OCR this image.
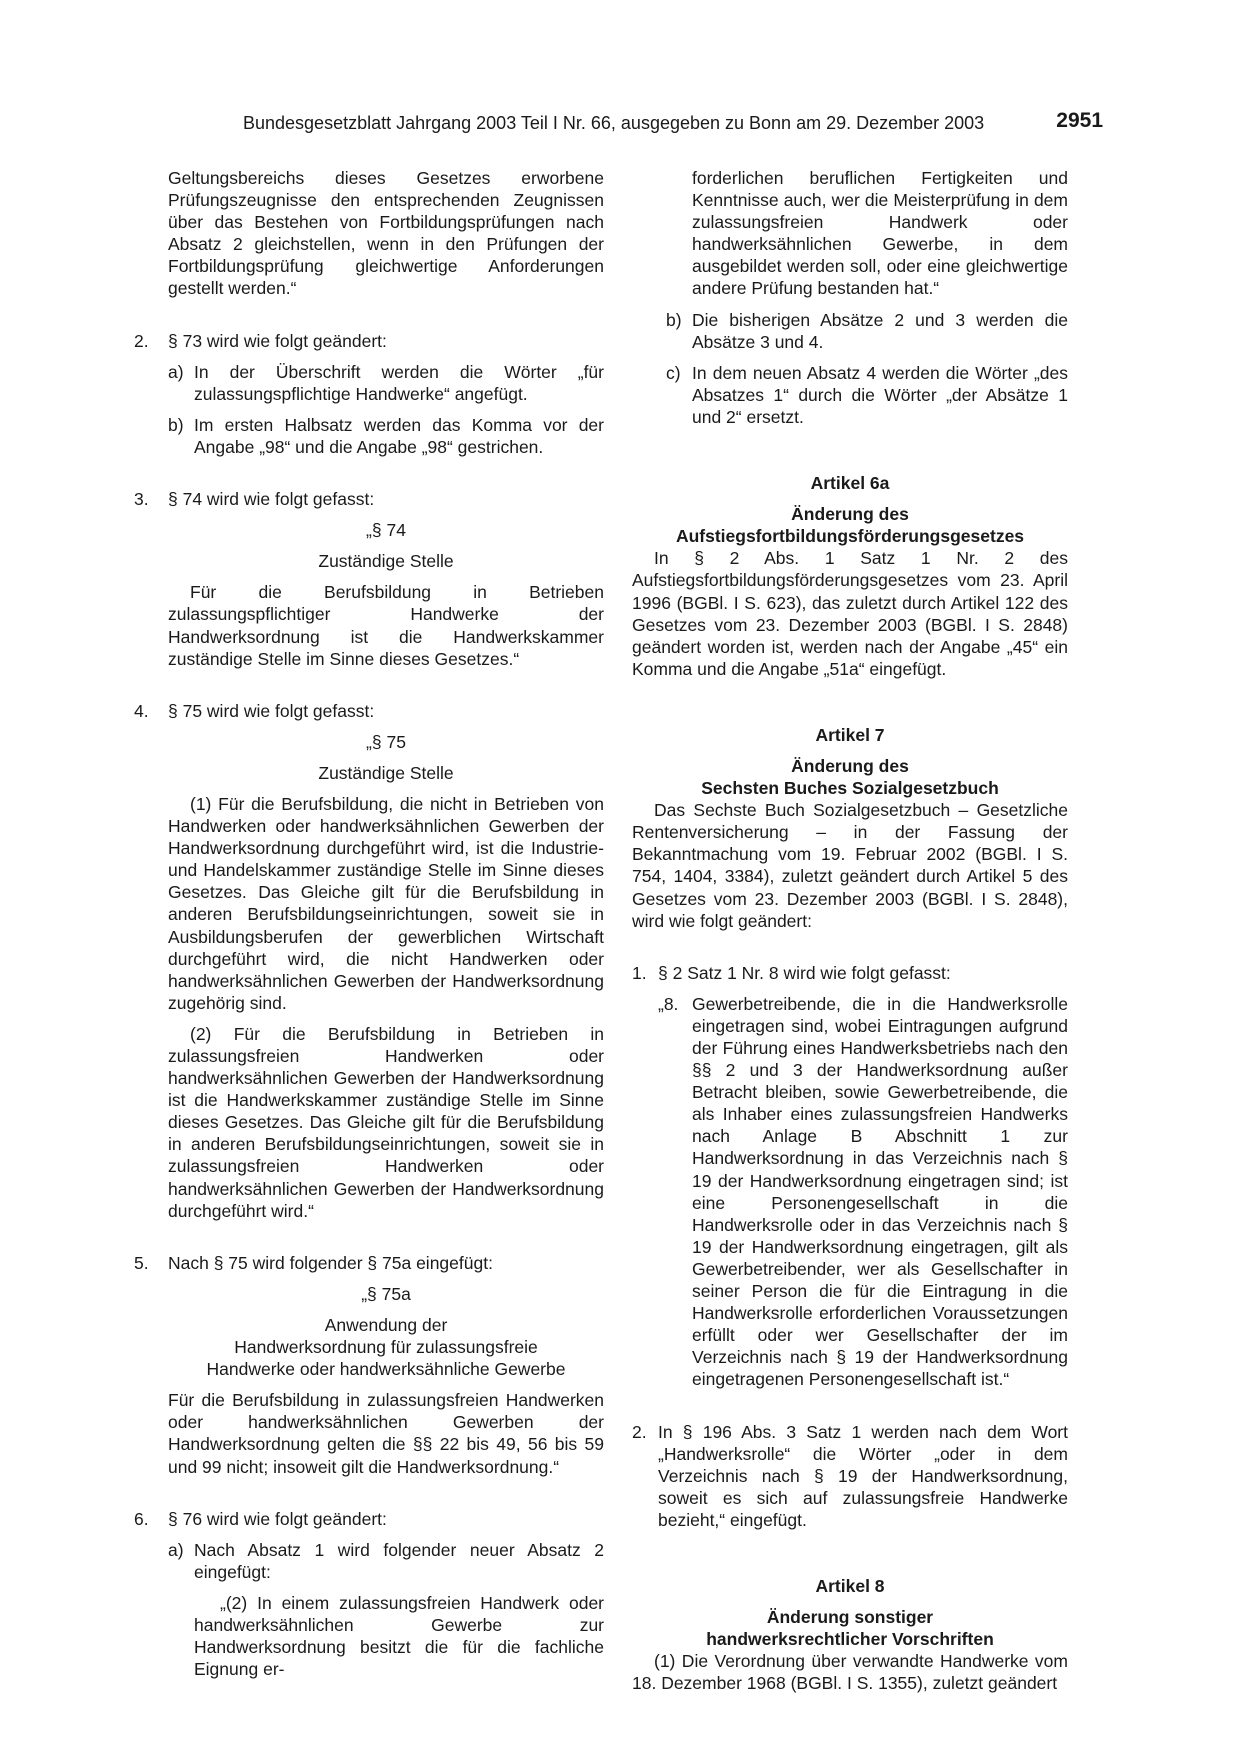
Bundesgesetzblatt Jahrgang 2003 Teil I Nr. 66, ausgegeben zu Bonn am 29. Dezember 2003	2951

Geltungsbereichs dieses Gesetzes erworbene Prüfungszeugnisse den entsprechenden Zeugnissen über das Bestehen von Fortbildungsprüfungen nach Absatz 2 gleichstellen, wenn in den Prüfungen der Fortbildungsprüfung gleichwertige Anforderungen gestellt werden.“

2. § 73 wird wie folgt geändert:

a) In der Überschrift werden die Wörter „für zulassungspflichtige Handwerke“ angefügt.

b) Im ersten Halbsatz werden das Komma vor der Angabe „98“ und die Angabe „98“ gestrichen.

3. § 74 wird wie folgt gefasst:

„§ 74

Zuständige Stelle

Für die Berufsbildung in Betrieben zulassungspflichtiger Handwerke der Handwerksordnung ist die Handwerkskammer zuständige Stelle im Sinne dieses Gesetzes.“

4. § 75 wird wie folgt gefasst:

„§ 75

Zuständige Stelle

(1) Für die Berufsbildung, die nicht in Betrieben von Handwerken oder handwerksähnlichen Gewerben der Handwerksordnung durchgeführt wird, ist die Industrie- und Handelskammer zuständige Stelle im Sinne dieses Gesetzes. Das Gleiche gilt für die Berufsbildung in anderen Berufsbildungseinrichtungen, soweit sie in Ausbildungsberufen der gewerblichen Wirtschaft durchgeführt wird, die nicht Handwerken oder handwerksähnlichen Gewerben der Handwerksordnung zugehörig sind.

(2) Für die Berufsbildung in Betrieben in zulassungsfreien Handwerken oder handwerksähnlichen Gewerben der Handwerksordnung ist die Handwerkskammer zuständige Stelle im Sinne dieses Gesetzes. Das Gleiche gilt für die Berufsbildung in anderen Berufsbildungseinrichtungen, soweit sie in zulassungsfreien Handwerken oder handwerksähnlichen Gewerben der Handwerksordnung durchgeführt wird.“

5. Nach § 75 wird folgender § 75a eingefügt:

„§ 75a

Anwendung der

Handwerksordnung für zulassungsfreie

Handwerke oder handwerksähnliche Gewerbe

Für die Berufsbildung in zulassungsfreien Handwerken oder handwerksähnlichen Gewerben der Handwerksordnung gelten die §§ 22 bis 49, 56 bis 59 und 99 nicht; insoweit gilt die Handwerksordnung.“

6. § 76 wird wie folgt geändert:

a) Nach Absatz 1 wird folgender neuer Absatz 2 eingefügt:

„(2) In einem zulassungsfreien Handwerk oder handwerksähnlichen Gewerbe zur Handwerksordnung besitzt die für die fachliche Eignung er-

forderlichen beruflichen Fertigkeiten und Kenntnisse auch, wer die Meisterprüfung in dem zulassungsfreien Handwerk oder handwerksähnlichen Gewerbe, in dem ausgebildet werden soll, oder eine gleichwertige andere Prüfung bestanden hat.“

b) Die bisherigen Absätze 2 und 3 werden die Absätze 3 und 4.

c) In dem neuen Absatz 4 werden die Wörter „des Absatzes 1“ durch die Wörter „der Absätze 1 und 2“ ersetzt.

Artikel 6a

Änderung des

Aufstiegsfortbildungsförderungsgesetzes

In § 2 Abs. 1 Satz 1 Nr. 2 des Aufstiegsfortbildungsförderungsgesetzes vom 23. April 1996 (BGBl. I S. 623), das zuletzt durch Artikel 122 des Gesetzes vom 23. Dezember 2003 (BGBl. I S. 2848) geändert worden ist, werden nach der Angabe „45“ ein Komma und die Angabe „51a“ eingefügt.

Artikel 7

Änderung des

Sechsten Buches Sozialgesetzbuch

Das Sechste Buch Sozialgesetzbuch – Gesetzliche Rentenversicherung – in der Fassung der Bekanntmachung vom 19. Februar 2002 (BGBl. I S. 754, 1404, 3384), zuletzt geändert durch Artikel 5 des Gesetzes vom 23. Dezember 2003 (BGBl. I S. 2848), wird wie folgt geändert:

1. § 2 Satz 1 Nr. 8 wird wie folgt gefasst:

„8. Gewerbetreibende, die in die Handwerksrolle eingetragen sind, wobei Eintragungen aufgrund der Führung eines Handwerksbetriebs nach den §§ 2 und 3 der Handwerksordnung außer Betracht bleiben, sowie Gewerbetreibende, die als Inhaber eines zulassungsfreien Handwerks nach Anlage B Abschnitt 1 zur Handwerksordnung in das Verzeichnis nach § 19 der Handwerksordnung eingetragen sind; ist eine Personengesellschaft in die Handwerksrolle oder in das Verzeichnis nach § 19 der Handwerksordnung eingetragen, gilt als Gewerbetreibender, wer als Gesellschafter in seiner Person die für die Eintragung in die Handwerksrolle erforderlichen Voraussetzungen erfüllt oder wer Gesellschafter der im Verzeichnis nach § 19 der Handwerksordnung eingetragenen Personengesellschaft ist.“

2. In § 196 Abs. 3 Satz 1 werden nach dem Wort „Handwerksrolle“ die Wörter „oder in dem Verzeichnis nach § 19 der Handwerksordnung, soweit es sich auf zulassungsfreie Handwerke bezieht,“ eingefügt.

Artikel 8

Änderung sonstiger

handwerksrechtlicher Vorschriften

(1) Die Verordnung über verwandte Handwerke vom 18. Dezember 1968 (BGBl. I S. 1355), zuletzt geändert
